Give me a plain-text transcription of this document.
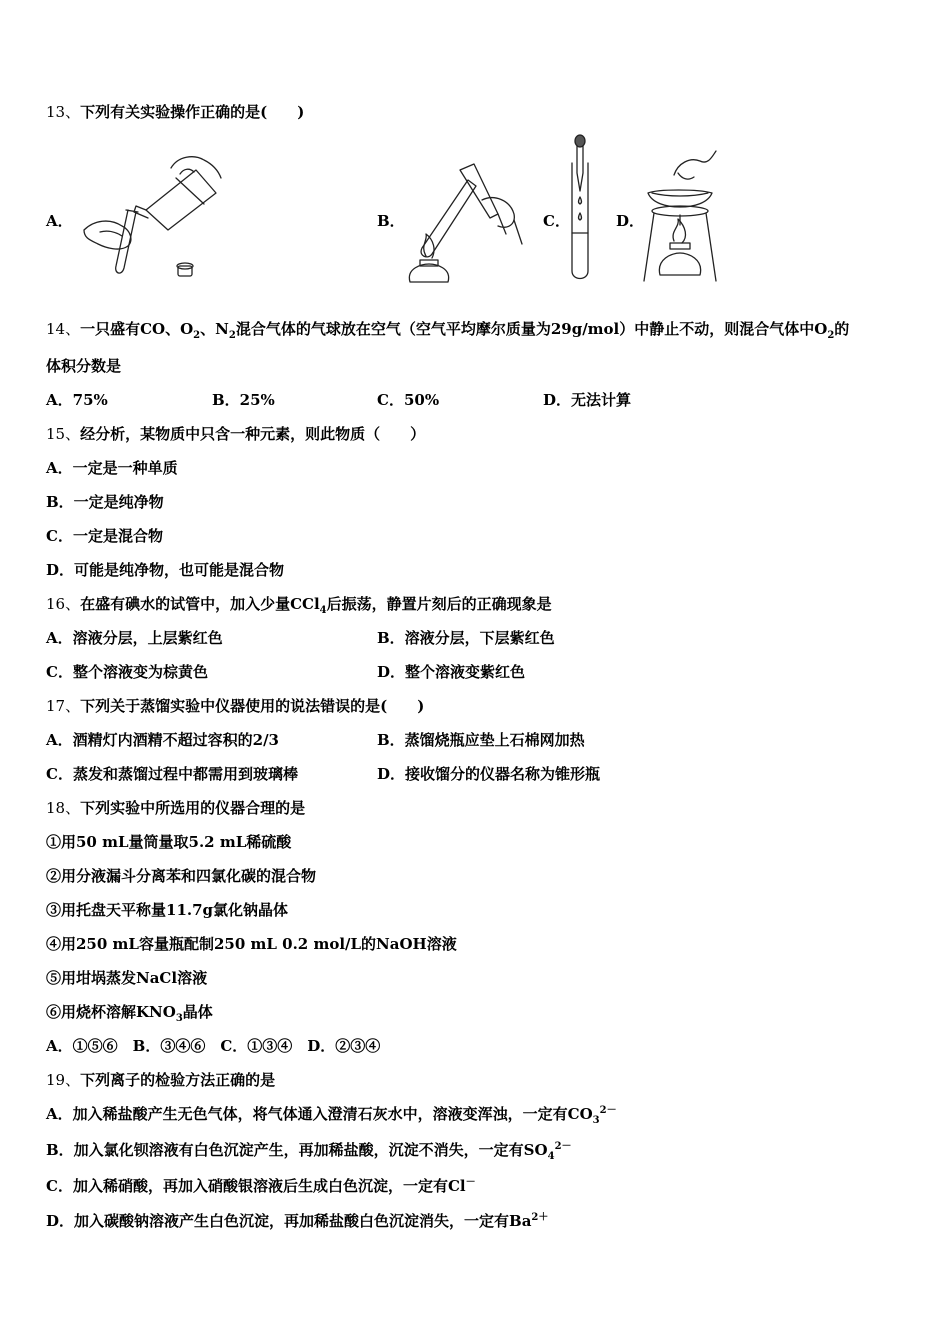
13、下列有关实验操作正确的是(　　)
A．	B．	C．	D．
14、一只盛有CO、$O_2$、$N_2$混合气体的气球放在空气（空气平均摩尔质量为29g/mol）中静止不动，则混合气体中$O_2$的
体积分数是
A．75%	B．25%	C．50%	D．无法计算
15、经分析，某物质中只含一种元素，则此物质（　　）
A．一定是一种单质
B．一定是纯净物
C．一定是混合物
D．可能是纯净物，也可能是混合物
16、在盛有碘水的试管中，加入少量CCl$_4$后振荡，静置片刻后的正确现象是
A．溶液分层，上层紫红色	B．溶液分层，下层紫红色
C．整个溶液变为棕黄色	D．整个溶液变紫红色
17、下列关于蒸馏实验中仪器使用的说法错误的是(　　)
A．酒精灯内酒精不超过容积的2/3	B．蒸馏烧瓶应垫上石棉网加热
C．蒸发和蒸馏过程中都需用到玻璃棒	D．接收馏分的仪器名称为锥形瓶
18、下列实验中所选用的仪器合理的是
①用50 mL量筒量取5.2 mL稀硫酸
②用分液漏斗分离苯和四氯化碳的混合物
③用托盘天平称量11.7g氯化钠晶体
④用250 mL容量瓶配制250 mL 0.2 mol/L的NaOH溶液
⑤用坩埚蒸发NaCl溶液
⑥用烧杯溶解$KNO_3$晶体
A．①⑤⑥　B．③④⑥　C．①③④　D．②③④
19、下列离子的检验方法正确的是
A．加入稀盐酸产生无色气体，将气体通入澄清石灰水中，溶液变浑浊，一定有$CO_3^{2-}$
B．加入氯化钡溶液有白色沉淀产生，再加稀盐酸，沉淀不消失，一定有$SO_4^{2-}$
C．加入稀硝酸，再加入硝酸银溶液后生成白色沉淀，一定有Cl－
D．加入碳酸钠溶液产生白色沉淀，再加稀盐酸白色沉淀消失，一定有$Ba^{2+}$
